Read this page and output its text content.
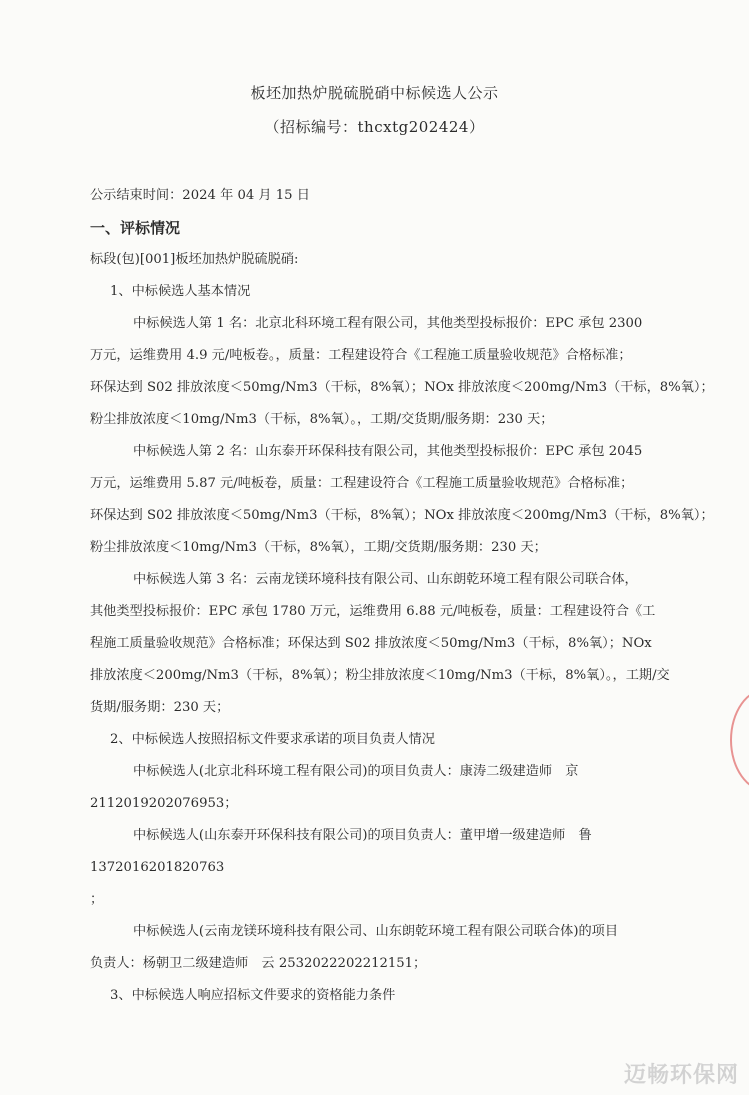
板坯加热炉脱硫脱硝中标候选人公示
（招标编号：thcxtg202424）
公示结束时间：2024 年 04 月 15 日
一、评标情况
标段(包)[001]板坯加热炉脱硫脱硝:
1、中标候选人基本情况
中标候选人第 1 名：北京北科环境工程有限公司，其他类型投标报价：EPC 承包 2300
万元，运维费用 4.9 元/吨板卷。，质量：工程建设符合《工程施工质量验收规范》合格标准；
环保达到 S02 排放浓度＜50mg/Nm3（干标，8%氧）；NOx 排放浓度＜200mg/Nm3（干标，8%氧）；
粉尘排放浓度＜10mg/Nm3（干标，8%氧）。，工期/交货期/服务期：230 天；
中标候选人第 2 名：山东泰开环保科技有限公司，其他类型投标报价：EPC 承包 2045
万元，运维费用 5.87 元/吨板卷，质量：工程建设符合《工程施工质量验收规范》合格标准；
环保达到 S02 排放浓度＜50mg/Nm3（干标，8%氧）；NOx 排放浓度＜200mg/Nm3（干标，8%氧）；
粉尘排放浓度＜10mg/Nm3（干标，8%氧），工期/交货期/服务期：230 天；
中标候选人第 3 名：云南龙镁环境科技有限公司、山东朗乾环境工程有限公司联合体，
其他类型投标报价：EPC 承包 1780 万元，运维费用 6.88 元/吨板卷，质量：工程建设符合《工
程施工质量验收规范》合格标准；环保达到 S02 排放浓度＜50mg/Nm3（干标，8%氧）；NOx
排放浓度＜200mg/Nm3（干标，8%氧）；粉尘排放浓度＜10mg/Nm3（干标，8%氧）。，工期/交
货期/服务期：230 天；
2、中标候选人按照招标文件要求承诺的项目负责人情况
中标候选人(北京北科环境工程有限公司)的项目负责人：康涛二级建造师　京
2112019202076953；
中标候选人(山东泰开环保科技有限公司)的项目负责人：董甲增一级建造师　鲁
1372016201820763
；
中标候选人(云南龙镁环境科技有限公司、山东朗乾环境工程有限公司联合体)的项目
负责人：杨朝卫二级建造师　云 2532022202212151；
3、中标候选人响应招标文件要求的资格能力条件
迈畅环保网
